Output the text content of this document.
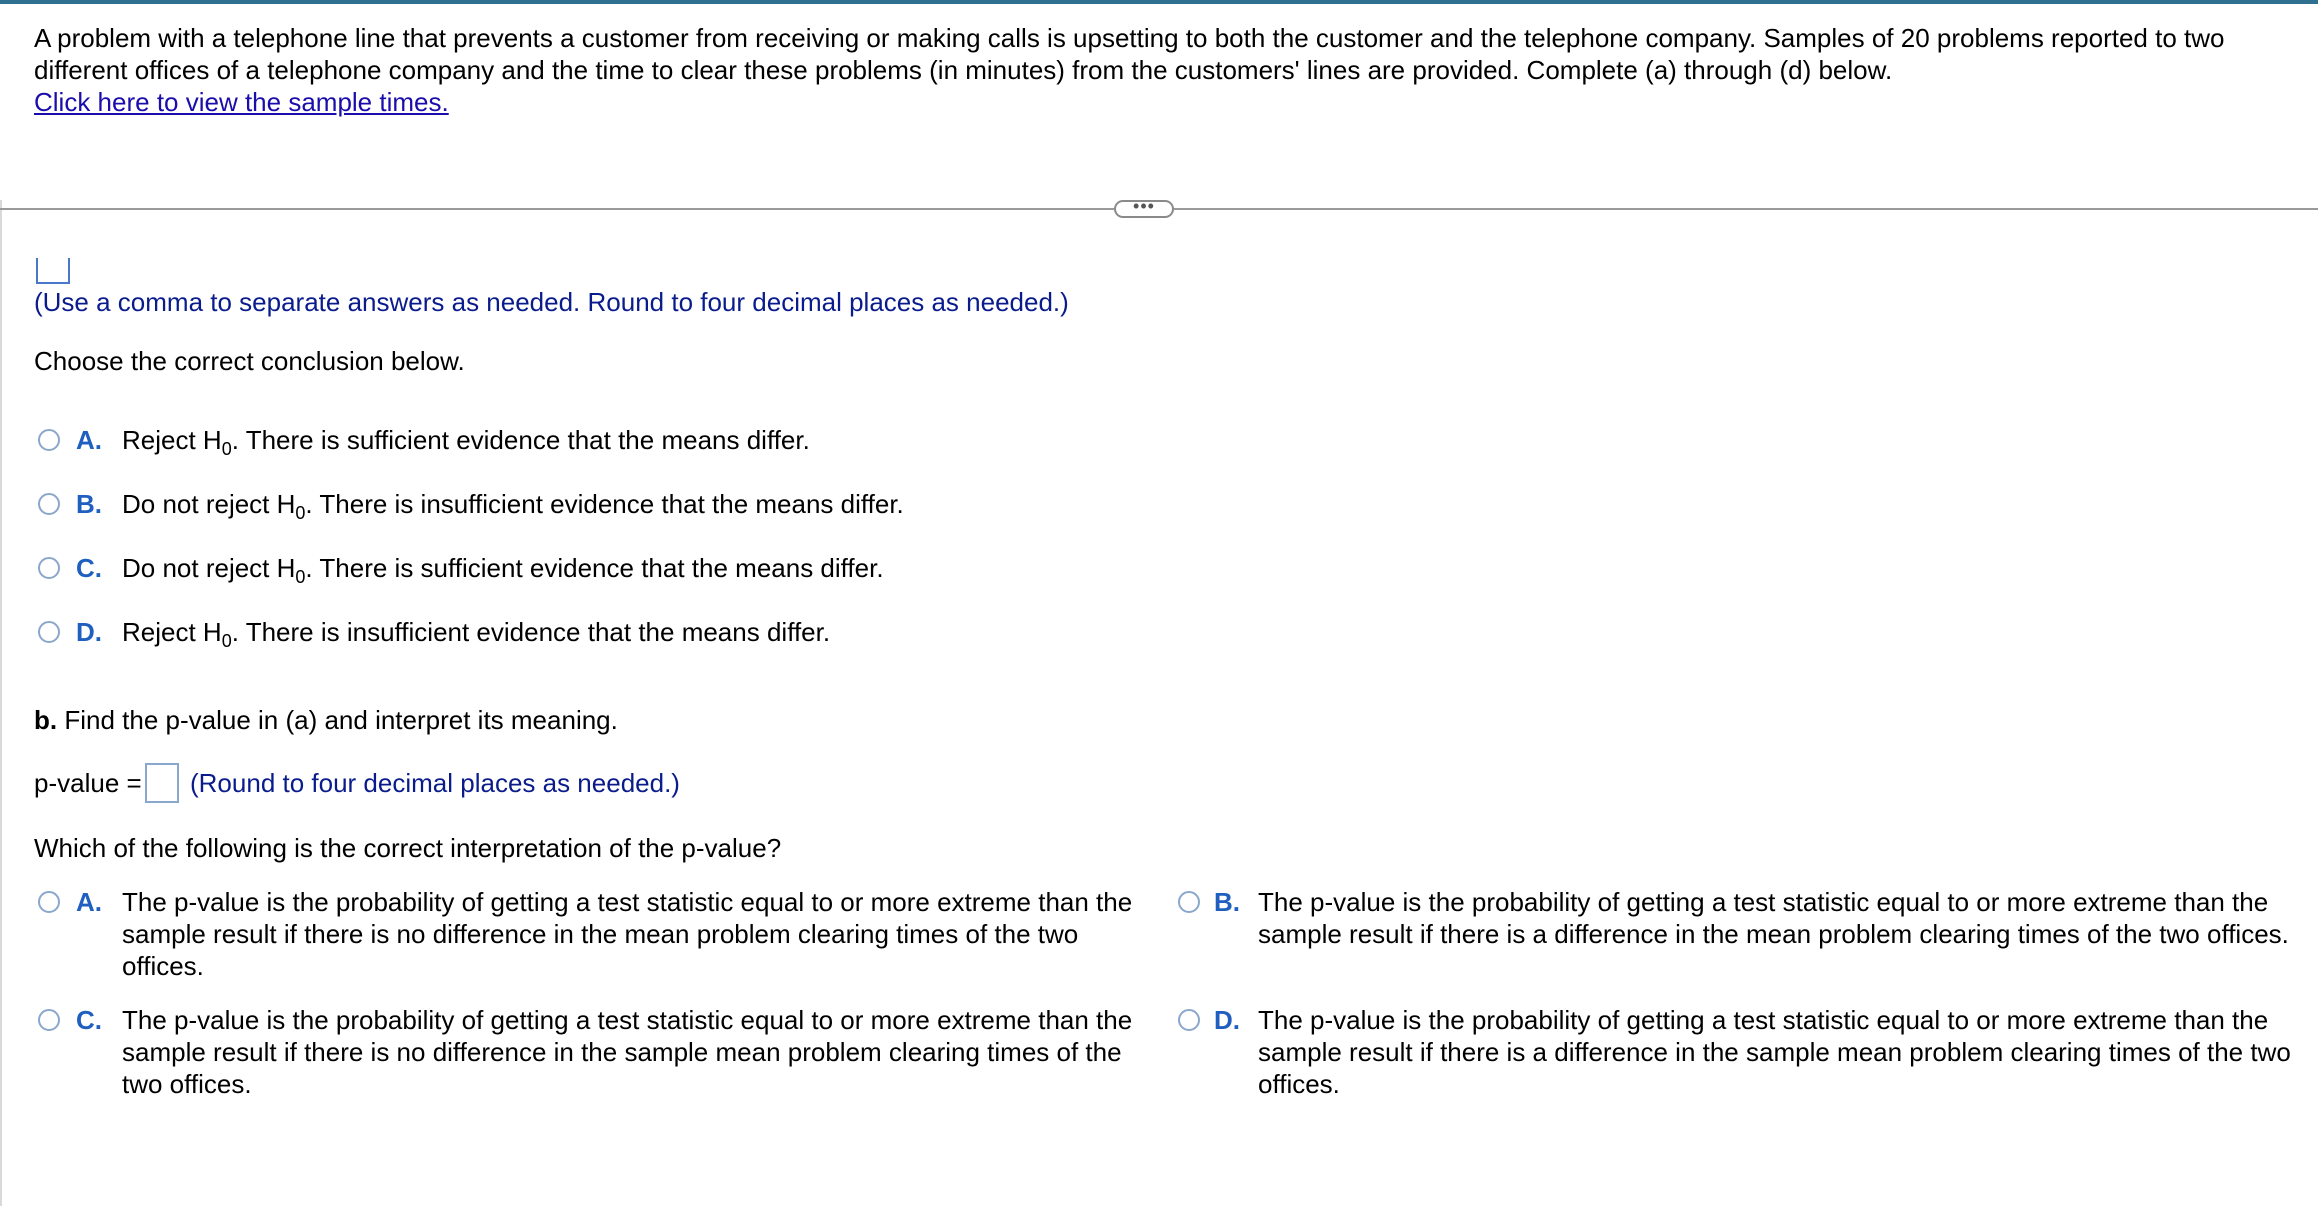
A problem with a telephone line that prevents a customer from receiving or making calls is upsetting to both the customer and the telephone company. Samples of 20 problems reported to two different offices of a telephone company and the time to clear these problems (in minutes) from the customers' lines are provided. Complete (a) through (d) below.
Click here to view the sample times.
•••
(Use a comma to separate answers as needed. Round to four decimal places as needed.)
Choose the correct conclusion below.
A. Reject $H_0$. There is sufficient evidence that the means differ.
B. Do not reject $H_0$. There is insufficient evidence that the means differ.
C. Do not reject $H_0$. There is sufficient evidence that the means differ.
D. Reject $H_0$. There is insufficient evidence that the means differ.
b. Find the p-value in (a) and interpret its meaning.
p-value = (Round to four decimal places as needed.)
Which of the following is the correct interpretation of the p-value?
A. The p-value is the probability of getting a test statistic equal to or more extreme than the sample result if there is no difference in the mean problem clearing times of the two offices.
B. The p-value is the probability of getting a test statistic equal to or more extreme than the sample result if there is a difference in the mean problem clearing times of the two offices.
C. The p-value is the probability of getting a test statistic equal to or more extreme than the sample result if there is no difference in the sample mean problem clearing times of the two offices.
D. The p-value is the probability of getting a test statistic equal to or more extreme than the sample result if there is a difference in the sample mean problem clearing times of the two offices.
